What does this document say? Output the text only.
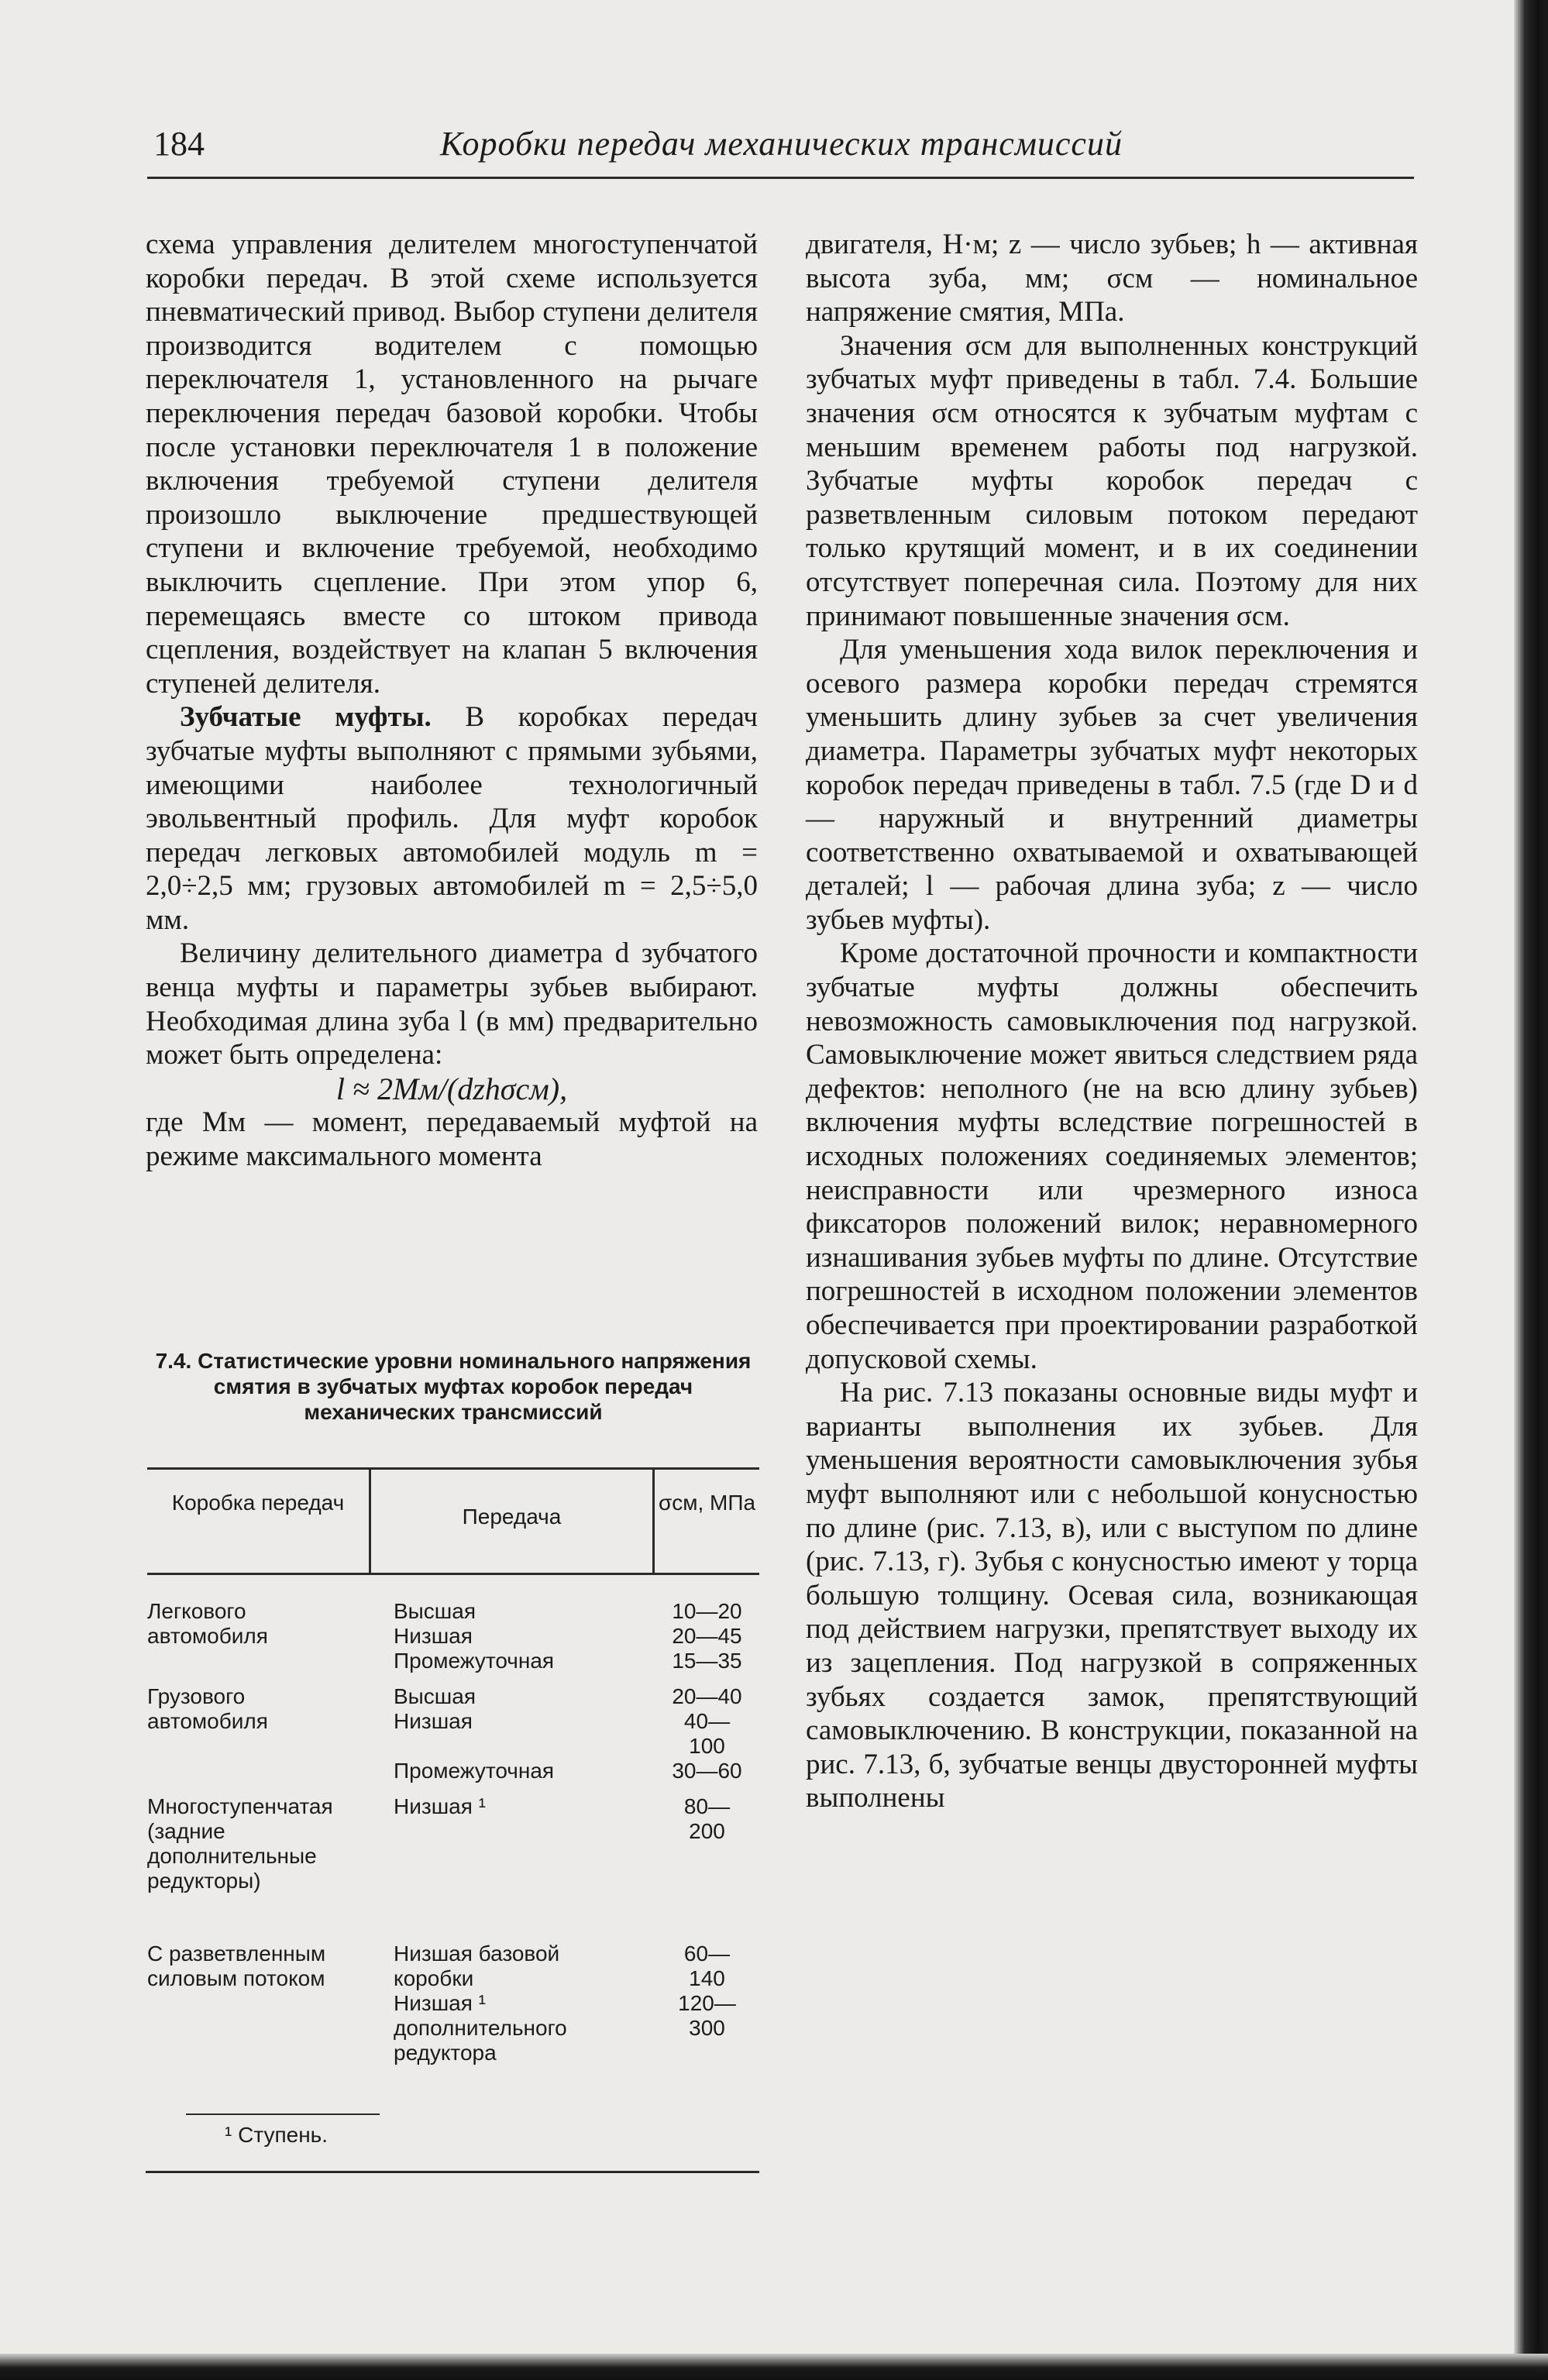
184	Коробки передач механических трансмиссий

схема управления делителем многоступенчатой коробки передач. В этой схеме используется пневматический привод. Выбор ступени делителя производится водителем с помощью переключателя 1, установленного на рычаге переключения передач базовой коробки. Чтобы после установки переключателя 1 в положение включения требуемой ступени делителя произошло выключение предшествующей ступени и включение требуемой, необходимо выключить сцепление. При этом упор 6, перемещаясь вместе со штоком привода сцепления, воздействует на клапан 5 включения ступеней делителя.

Зубчатые муфты. В коробках передач зубчатые муфты выполняют с прямыми зубьями, имеющими наиболее технологичный эвольвентный профиль. Для муфт коробок передач легковых автомобилей модуль m = 2,0÷2,5 мм; грузовых автомобилей m = 2,5÷5,0 мм.

Величину делительного диаметра d зубчатого венца муфты и параметры зубьев выбирают. Необходимая длина зуба l (в мм) предварительно может быть определена:

l ≈ 2Mм/(dzhσсм),

где Mм — момент, передаваемый муфтой на режиме максимального момента

7.4. Статистические уровни номинального напряжения смятия в зубчатых муфтах коробок передач механических трансмиссий
Коробка передач
Передача
σсм, МПа
Легкового автомобиля
Высшая
Низшая
Промежуточная
10—20
20—45
15—35
Грузового автомобиля
Высшая
Низшая

Промежуточная
20—40
40—
100
30—60
Многоступенчатая (задние дополнительные редукторы)
Низшая ¹	80—
200
С разветвленным силовым потоком
Низшая базовой коробки
Низшая ¹ дополнительного редуктора
60—
140
120—
300
¹ Ступень.

двигателя, Н·м; z — число зубьев; h — активная высота зуба, мм; σсм — номинальное напряжение смятия, МПа.

Значения σсм для выполненных конструкций зубчатых муфт приведены в табл. 7.4. Большие значения σсм относятся к зубчатым муфтам с меньшим временем работы под нагрузкой. Зубчатые муфты коробок передач с разветвленным силовым потоком передают только крутящий момент, и в их соединении отсутствует поперечная сила. Поэтому для них принимают повышенные значения σсм.

Для уменьшения хода вилок переключения и осевого размера коробки передач стремятся уменьшить длину зубьев за счет увеличения диаметра. Параметры зубчатых муфт некоторых коробок передач приведены в табл. 7.5 (где D и d — наружный и внутренний диаметры соответственно охватываемой и охватывающей деталей; l — рабочая длина зуба; z — число зубьев муфты).

Кроме достаточной прочности и компактности зубчатые муфты должны обеспечить невозможность самовыключения под нагрузкой. Самовыключение может явиться следствием ряда дефектов: неполного (не на всю длину зубьев) включения муфты вследствие погрешностей в исходных положениях соединяемых элементов; неисправности или чрезмерного износа фиксаторов положений вилок; неравномерного изнашивания зубьев муфты по длине. Отсутствие погрешностей в исходном положении элементов обеспечивается при проектировании разработкой допусковой схемы.

На рис. 7.13 показаны основные виды муфт и варианты выполнения их зубьев. Для уменьшения вероятности самовыключения зубья муфт выполняют или с небольшой конусностью по длине (рис. 7.13, в), или с выступом по длине (рис. 7.13, г). Зубья с конусностью имеют у торца большую толщину. Осевая сила, возникающая под действием нагрузки, препятствует выходу их из зацепления. Под нагрузкой в сопряженных зубьях создается замок, препятствующий самовыключению. В конструкции, показанной на рис. 7.13, б, зубчатые венцы двусторонней муфты выполнены
